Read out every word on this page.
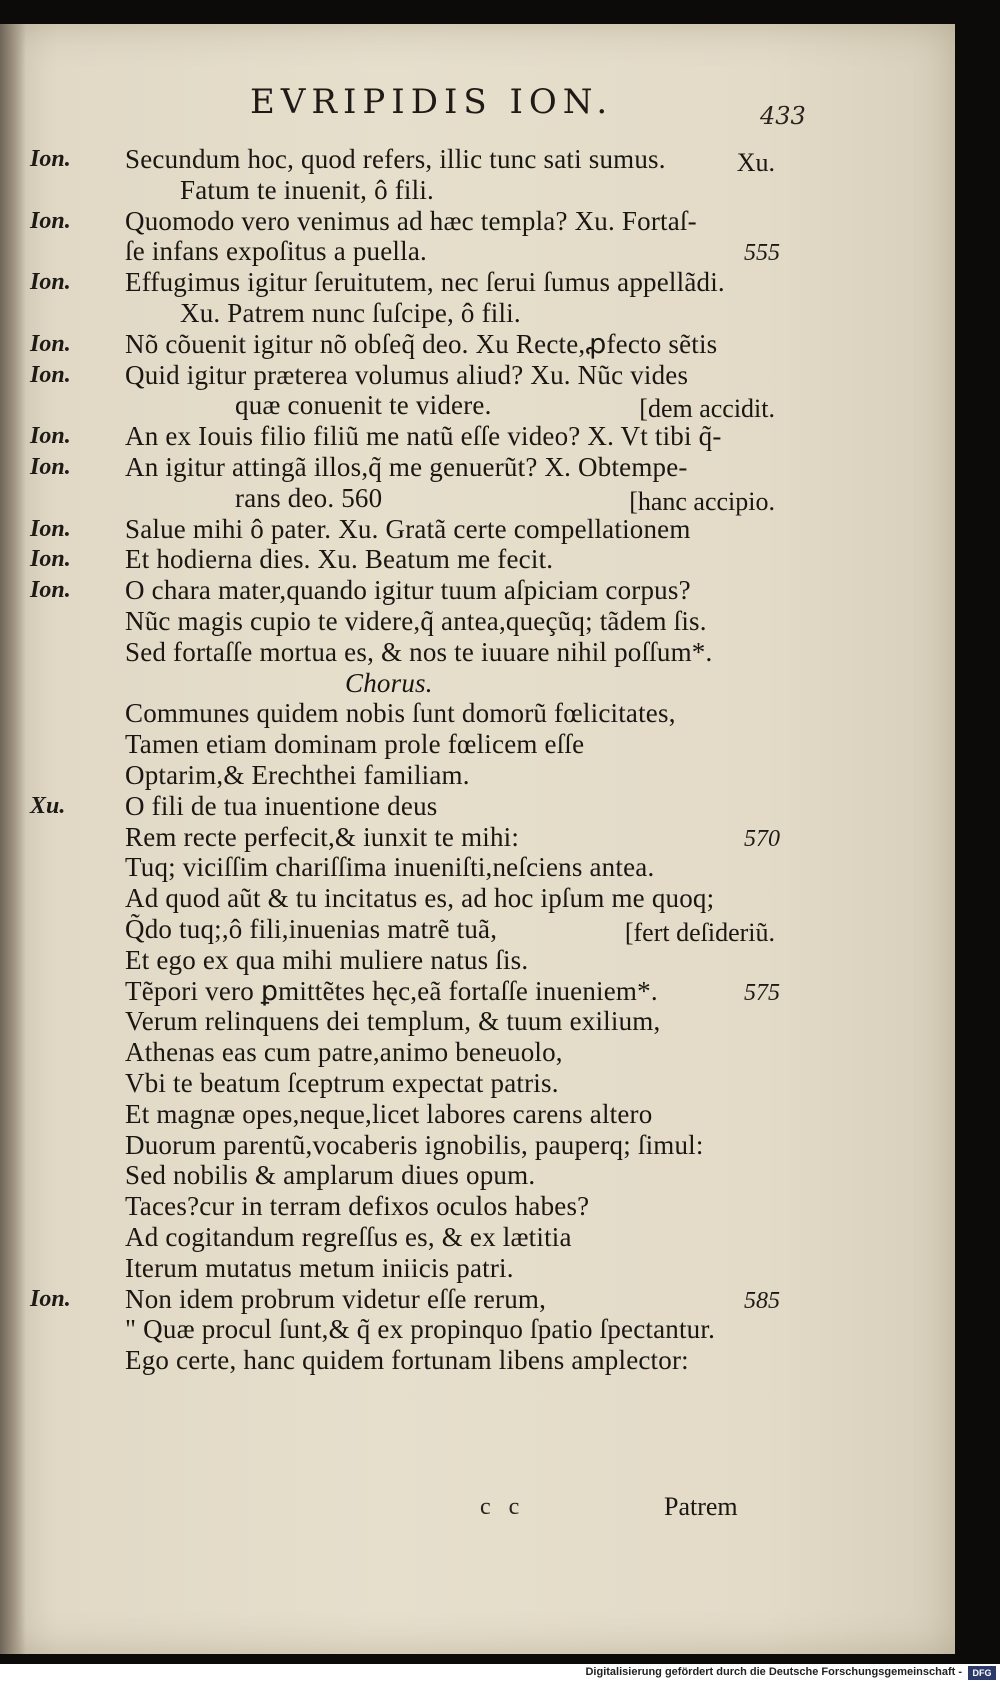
EVRIPIDIS ION.	433
Ion. Secundum hoc, quod refers, illic tunc sati sumus.	Xu.
Fatum te inuenit, ô fili.
Ion. Quomodo vero venimus ad hæc templa? Xu. Fortaſ-
ſe infans expoſitus a puella.	555
Ion. Effugimus igitur ſeruitutem, nec ſerui ſumus appellãdi.
Xu. Patrem nunc ſuſcipe, ô fili.
Ion. Nõ cõuenit igitur nõ obſeq̃ deo. Xu Recte,ꝓfecto sẽtis
Ion. Quid igitur præterea volumus aliud? Xu. Nũc vides
quæ conuenit te videre.	[dem accidit.
Ion. An ex Iouis filio filiũ me natũ eſſe video? X. Vt tibi q̃-
Ion. An igitur attingã illos,q̃ me genuerũt? X. Obtempe-
rans deo. 560	[hanc accipio.
Ion. Salue mihi ô pater. Xu. Gratã certe compellationem
Ion. Et hodierna dies. Xu. Beatum me fecit.
Ion. O chara mater,quando igitur tuum aſpiciam corpus?
Nũc magis cupio te videre,q̃ antea,queçũq; tãdem ſis.
Sed fortaſſe mortua es, & nos te iuuare nihil poſſum*.
Chorus.
Communes quidem nobis ſunt domorũ fœlicitates,
Tamen etiam dominam prole fœlicem eſſe
Optarim,& Erechthei familiam.
Xu. O fili de tua inuentione deus
Rem recte perfecit,& iunxit te mihi:	570
Tuq; viciſſim chariſſima inueniſti,neſciens antea.
Ad quod aũt & tu incitatus es, ad hoc ipſum me quoq;
Q̃do tuq;,ô fili,inuenias matrẽ tuã,	[fert deſideriũ.
Et ego ex qua mihi muliere natus ſis.
Tẽpori vero ꝑmittẽtes hęc,eã fortaſſe inueniem*.	575
Verum relinquens dei templum, & tuum exilium,
Athenas eas cum patre,animo beneuolo,
Vbi te beatum ſceptrum expectat patris.
Et magnæ opes,neque,licet labores carens altero
Duorum parentũ,vocaberis ignobilis, pauperq; ſimul:
Sed nobilis & amplarum diues opum.
Taces?cur in terram defixos oculos habes?
Ad cogitandum regreſſus es, & ex lætitia
Iterum mutatus metum iniicis patri.
Ion. Non idem probrum videtur eſſe rerum,	585
" Quæ procul ſunt,& q̃ ex propinquo ſpatio ſpectantur.
Ego certe, hanc quidem fortunam libens amplector:
c c	Patrem
Digitalisierung gefördert durch die Deutsche Forschungsgemeinschaft -	DFG
